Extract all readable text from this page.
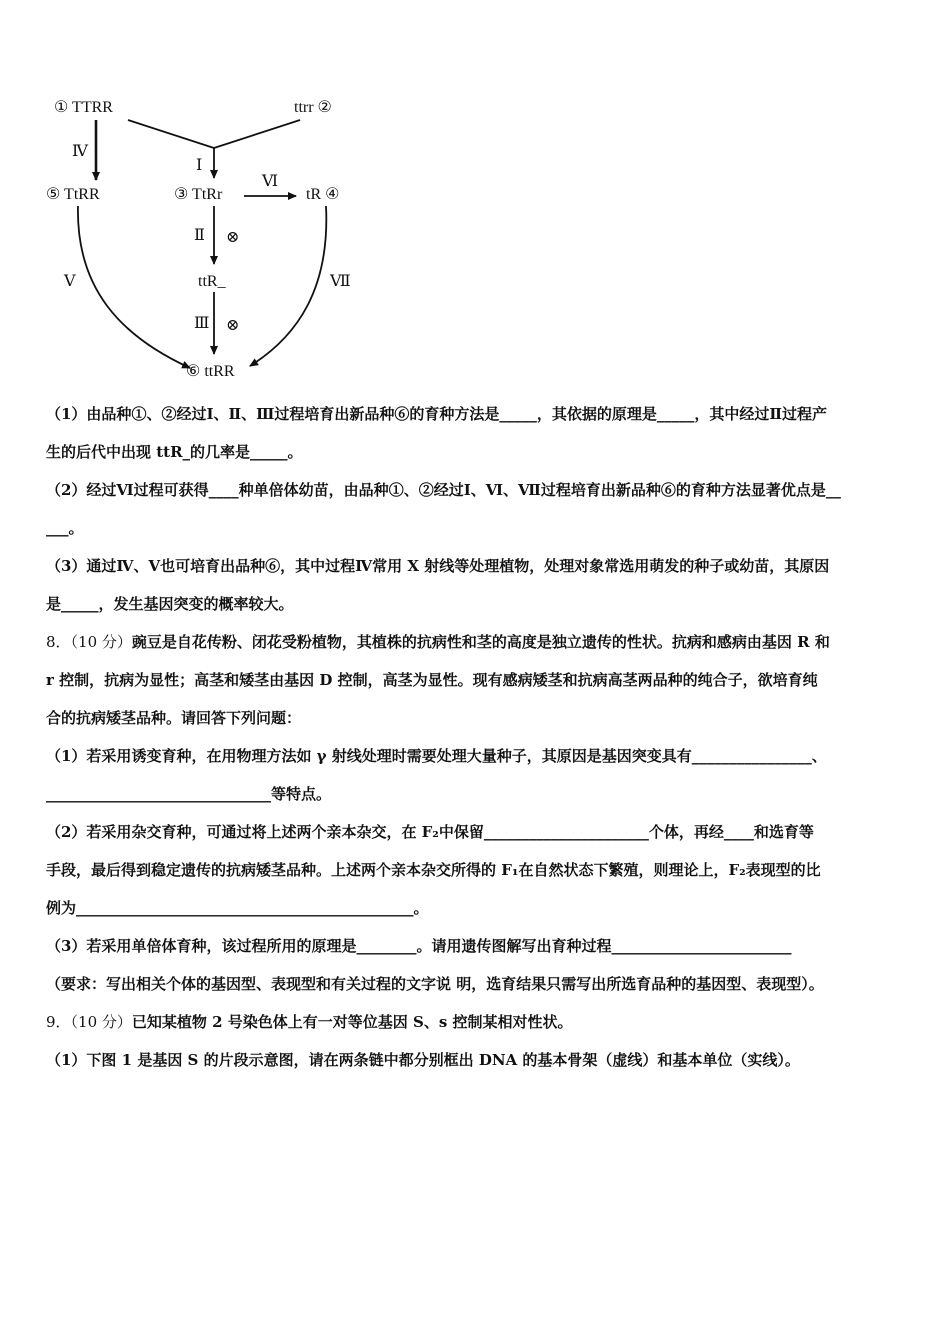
① TTRR	ttrr ②
⑤ TtRR	③ TtRr	tR ④
ttR_
⑥ ttRR
Ⅰ
Ⅳ
Ⅵ
Ⅱ ⊗
Ⅲ ⊗
Ⅴ	Ⅶ
（1）由品种①、②经过Ⅰ、Ⅱ、Ⅲ过程培育出新品种⑥的育种方法是_____，其依据的原理是_____，其中经过Ⅱ过程产
生的后代中出现 ttR_的几率是_____。
（2）经过Ⅵ过程可获得____种单倍体幼苗，由品种①、②经过Ⅰ、Ⅵ、Ⅶ过程培育出新品种⑥的育种方法显著优点是__
___。
（3）通过Ⅳ、Ⅴ也可培育出品种⑥，其中过程Ⅳ常用 X 射线等处理植物，处理对象常选用萌发的种子或幼苗，其原因
是_____，发生基因突变的概率较大。
8．（10 分）豌豆是自花传粉、闭花受粉植物，其植株的抗病性和茎的高度是独立遗传的性状。抗病和感病由基因 R 和
r 控制，抗病为显性；高茎和矮茎由基因 D 控制，高茎为显性。现有感病矮茎和抗病高茎两品种的纯合子，欲培育纯
合的抗病矮茎品种。请回答下列问题：
（1）若采用诱变育种，在用物理方法如 γ 射线处理时需要处理大量种子，其原因是基因突变具有________________、
______________________________等特点。
（2）若采用杂交育种，可通过将上述两个亲本杂交，在 F₂中保留______________________个体，再经____和选育等
手段，最后得到稳定遗传的抗病矮茎品种。上述两个亲本杂交所得的 F₁在自然状态下繁殖，则理论上，F₂表现型的比
例为_____________________________________________。
（3）若采用单倍体育种，该过程所用的原理是________。请用遗传图解写出育种过程________________________
（要求：写出相关个体的基因型、表现型和有关过程的文字说 明，选育结果只需写出所选育品种的基因型、表现型）。
9．（10 分）已知某植物 2 号染色体上有一对等位基因 S、s 控制某相对性状。
（1）下图 1 是基因 S 的片段示意图，请在两条链中都分别框出 DNA 的基本骨架（虚线）和基本单位（实线）。
